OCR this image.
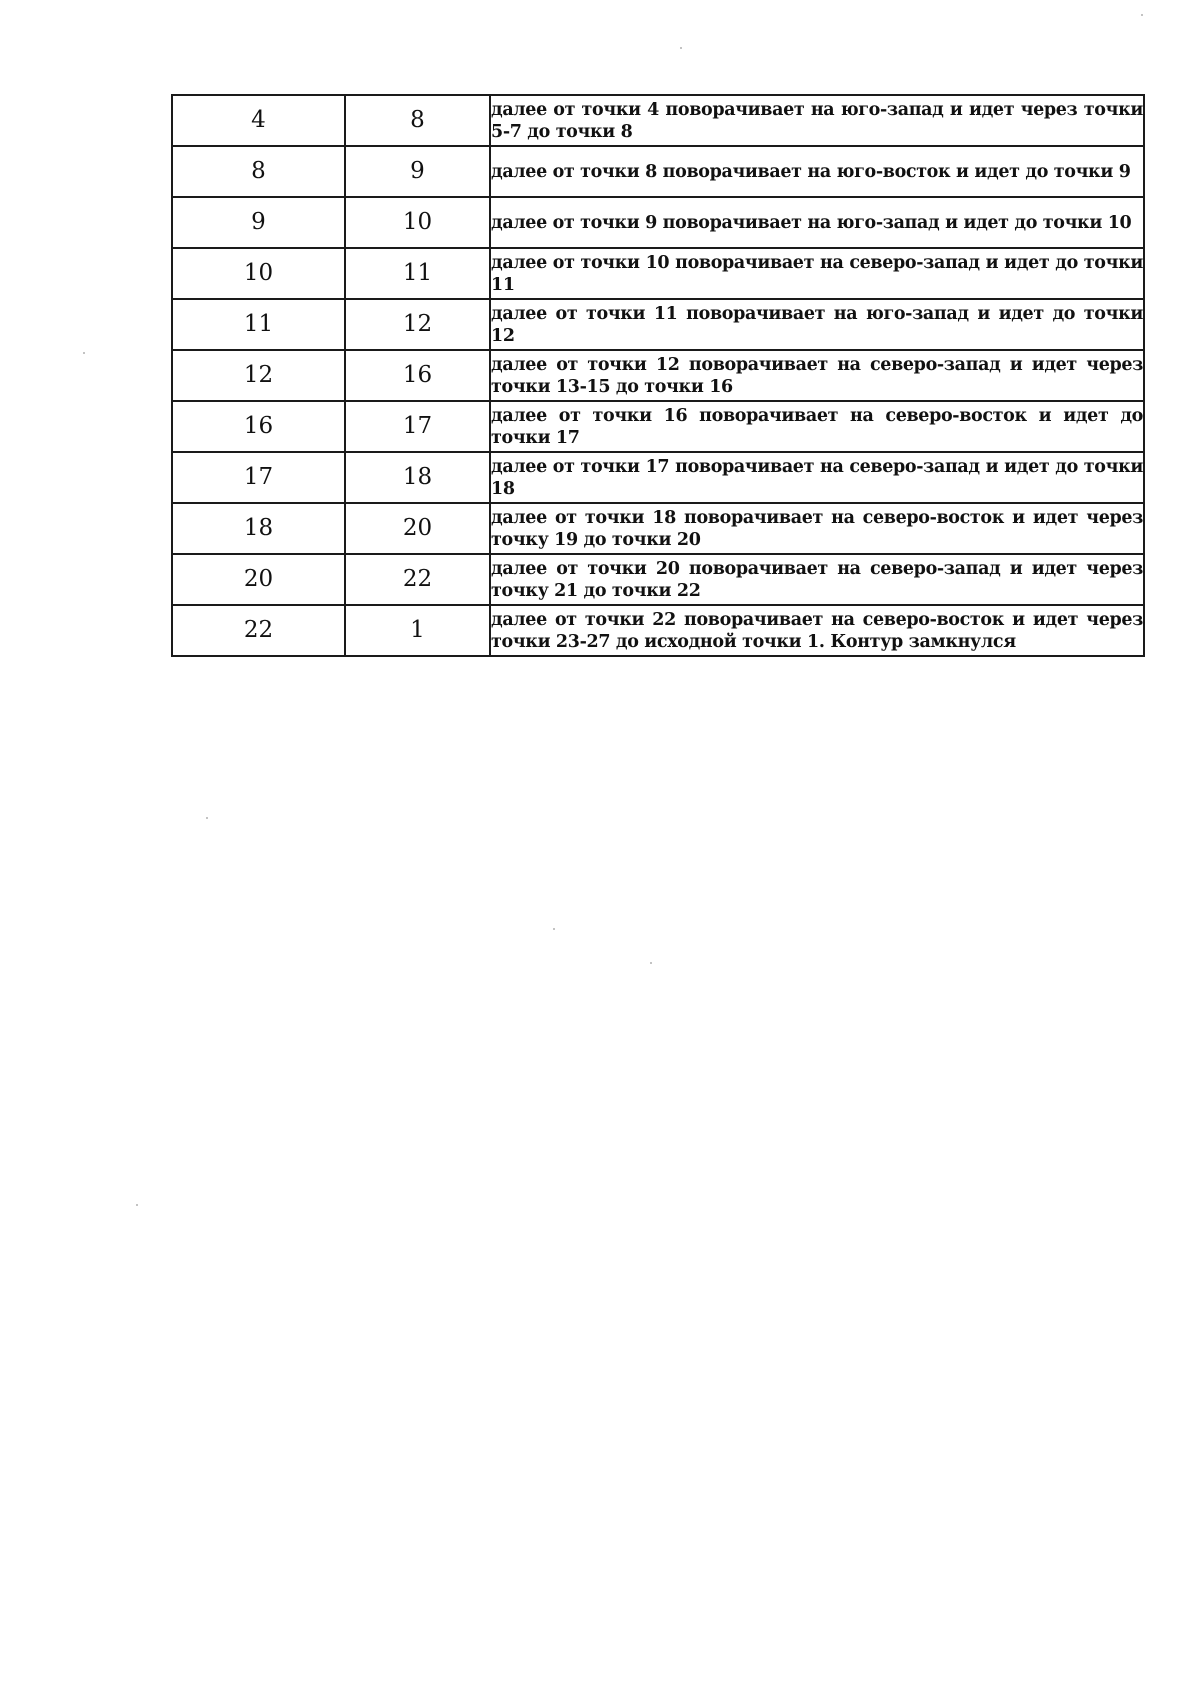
4	8	далее от точки 4 поворачивает на юго-запад и идет через точки 5-7 до точки 8
8	9	далее от точки 8 поворачивает на юго-восток и идет до точки 9
9	10	далее от точки 9 поворачивает на юго-запад и идет до точки 10
10	11	далее от точки 10 поворачивает на северо-запад и идет до точки 11
11	12	далее от точки 11 поворачивает на юго-запад и идет до точки 12
12	16	далее от точки 12 поворачивает на северо-запад и идет через точки 13-15 до точки 16
16	17	далее от точки 16 поворачивает на северо-восток и идет до точки 17
17	18	далее от точки 17 поворачивает на северо-запад и идет до точки 18
18	20	далее от точки 18 поворачивает на северо-восток и идет через точку 19 до точки 20
20	22	далее от точки 20 поворачивает на северо-запад и идет через точку 21 до точки 22
22	1	далее от точки 22 поворачивает на северо-восток и идет через точки 23-27 до исходной точки 1. Контур замкнулся
